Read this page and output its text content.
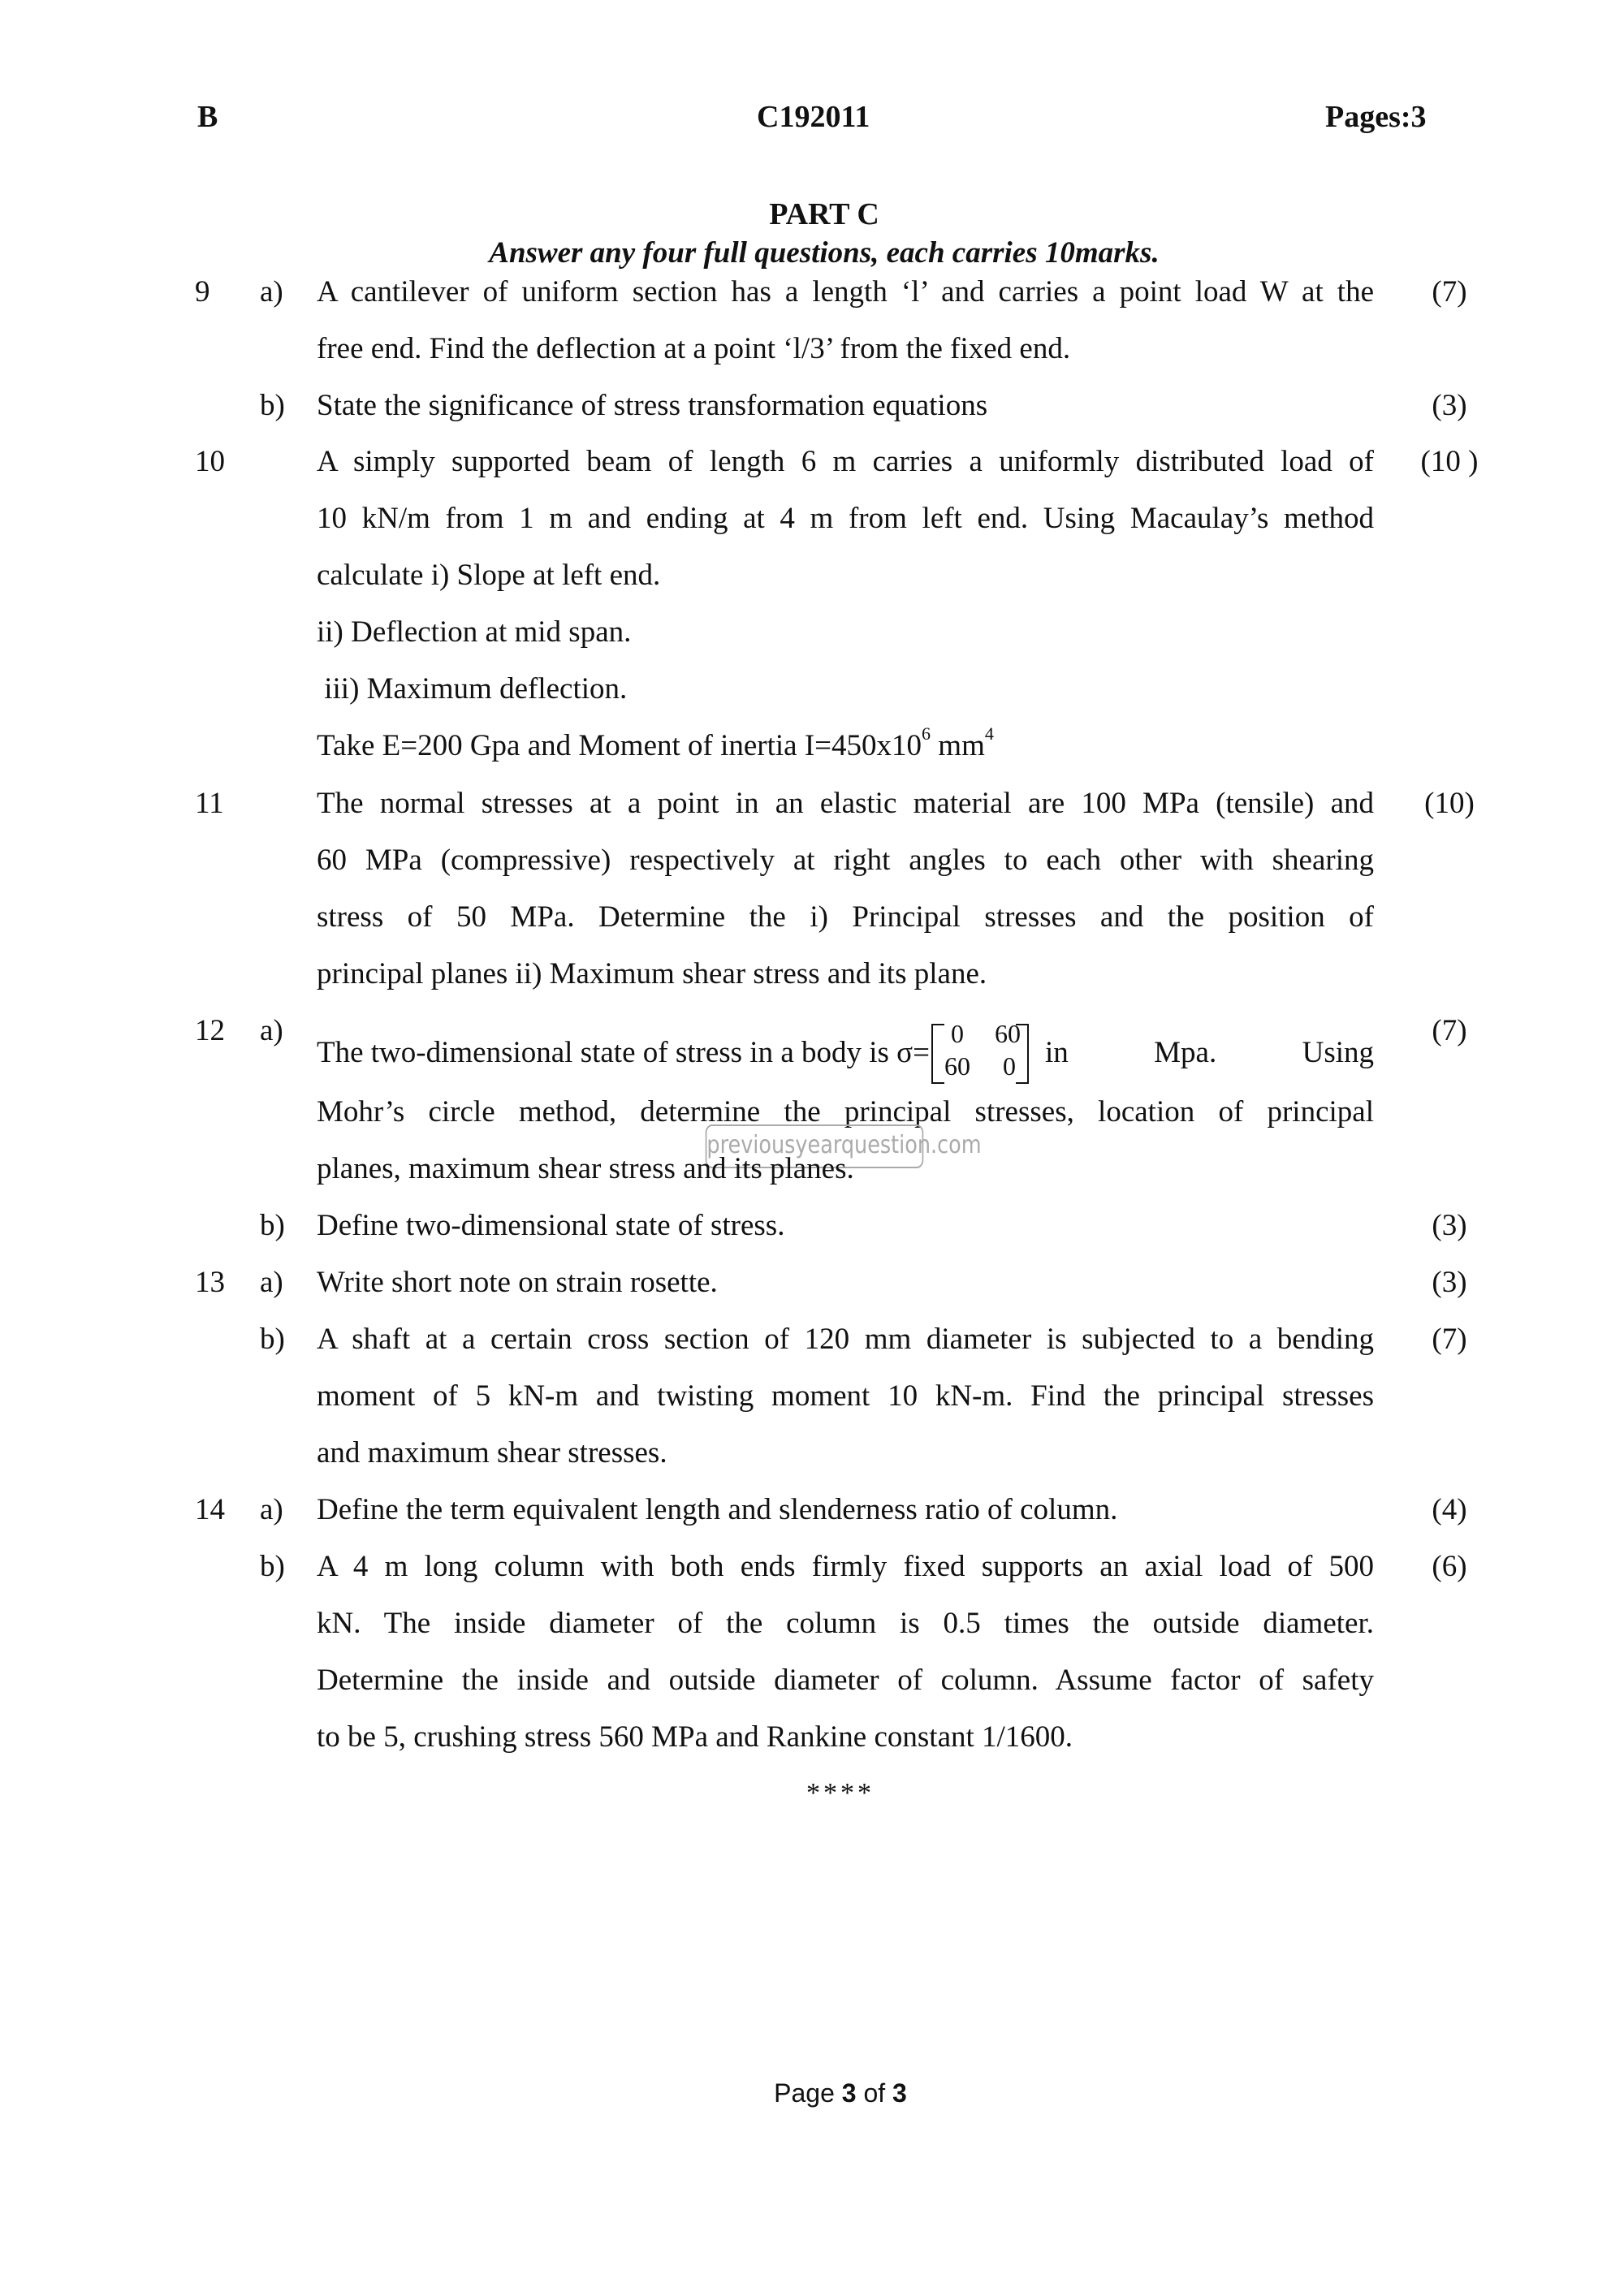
B	C192011	Pages:3
PART C
Answer any four full questions, each carries 10marks.
9 a) A cantilever of uniform section has a length ‘l’ and carries a point load W at the	(7)
free end. Find the deflection at a point ‘l/3’ from the fixed end.
b) State the significance of stress transformation equations	(3)
10	A simply supported beam of length 6 m carries a uniformly distributed load of	(10 )
10 kN/m from 1 m and ending at 4 m from left end. Using Macaulay’s method
calculate i) Slope at left end.
ii) Deflection at mid span.
iii) Maximum deflection.
Take E=200 Gpa and Moment of inertia $I=450x10^6$ $mm^4$
11	The normal stresses at a point in an elastic material are 100 MPa (tensile) and	(10)
60 MPa (compressive) respectively at right angles to each other with shearing
stress of 50 MPa. Determine the i) Principal stresses and the position of
principal planes ii) Maximum shear stress and its plane.
12 a)	(7)
The two-dimensional state of stress in a body is σ=
0 60
60 0 in Mpa. Using
Mohr’s circle method, determine the principal stresses, location of principal
previousyearquestion.com
planes, maximum shear stress and its planes.
b) Define two-dimensional state of stress.	(3)
13 a) Write short note on strain rosette.	(3)
b) A shaft at a certain cross section of 120 mm diameter is subjected to a bending	(7)
moment of 5 kN-m and twisting moment 10 kN-m. Find the principal stresses
and maximum shear stresses.
14 a) Define the term equivalent length and slenderness ratio of column.	(4)
b) A 4 m long column with both ends firmly fixed supports an axial load of 500	(6)
kN. The inside diameter of the column is 0.5 times the outside diameter.
Determine the inside and outside diameter of column. Assume factor of safety
to be 5, crushing stress 560 MPa and Rankine constant 1/1600.
****
Page 3 of 3
